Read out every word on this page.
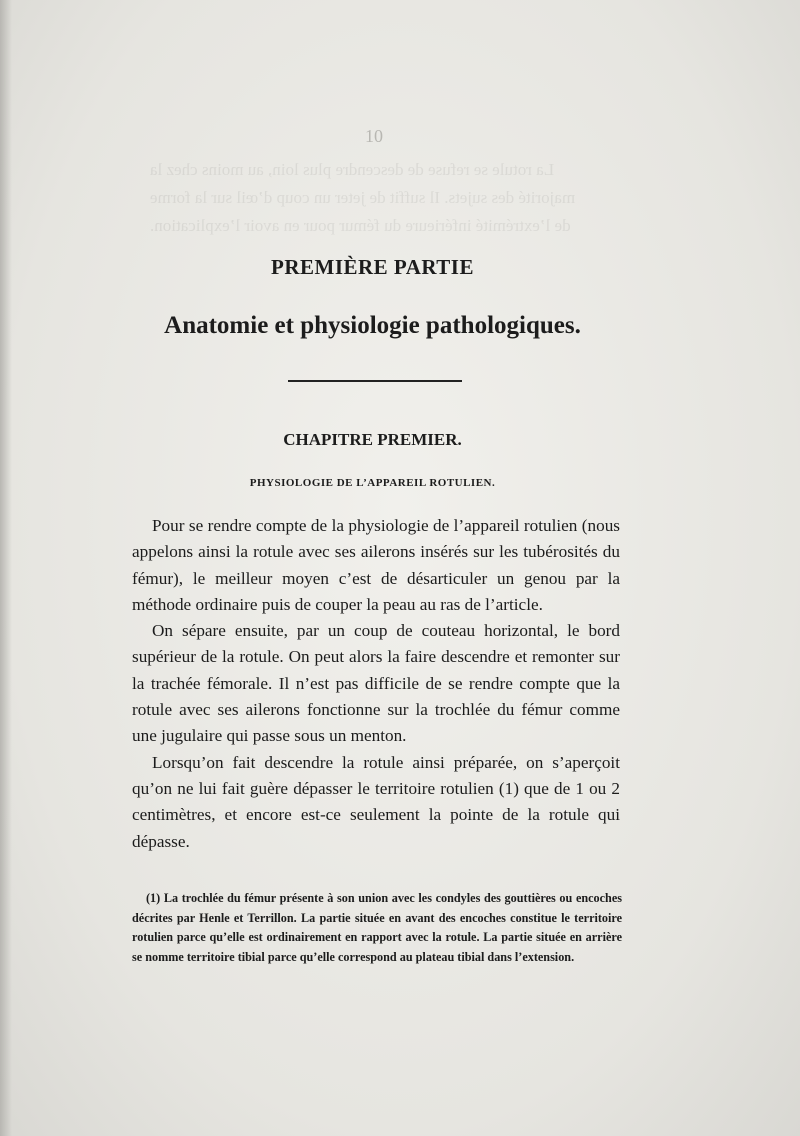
La rotule se refuse de descendre plus loin, au moins chez la
majorité des sujets. Il suffit de jeter un coup d’œil sur la forme
de l’extrémité inférieure du fémur pour en avoir l’explication.
10
PREMIÈRE PARTIE
Anatomie et physiologie pathologiques.
CHAPITRE PREMIER.
PHYSIOLOGIE DE L’APPAREIL ROTULIEN.

Pour se rendre compte de la physiologie de l’appareil rotulien (nous appelons ainsi la rotule avec ses ailerons insérés sur les tubérosités du fémur), le meilleur moyen c’est de désarticuler un genou par la méthode ordinaire puis de couper la peau au ras de l’article.

On sépare ensuite, par un coup de couteau horizontal, le bord supérieur de la rotule. On peut alors la faire descendre et remonter sur la trachée fémorale. Il n’est pas difficile de se rendre compte que la rotule avec ses ailerons fonctionne sur la trochlée du fémur comme une jugulaire qui passe sous un menton.

Lorsqu’on fait descendre la rotule ainsi préparée, on s’aperçoit qu’on ne lui fait guère dépasser le territoire rotulien (1) que de 1 ou 2 centimètres, et encore est-ce seulement la pointe de la rotule qui dépasse.

(1) La trochlée du fémur présente à son union avec les condyles des gouttières ou encoches décrites par Henle et Terrillon. La partie située en avant des encoches constitue le territoire rotulien parce qu’elle est ordinairement en rapport avec la rotule. La partie située en arrière se nomme territoire tibial parce qu’elle correspond au plateau tibial dans l’extension.
